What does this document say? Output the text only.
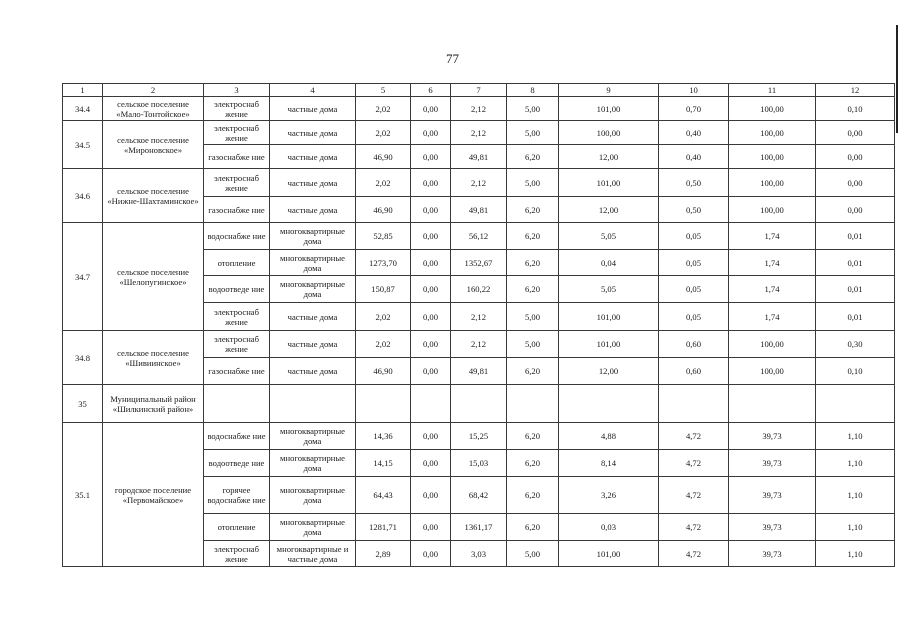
77
1	2	3	4	5	6	7	8	9	10	11	12
34.4	сельское поселение «Мало-Тонтойское»	электроснаб жение	частные дома	2,02	0,00	2,12	5,00	101,00	0,70	100,00	0,10
34.5	сельское поселение «Мироновское»	электроснаб жение	частные дома	2,02	0,00	2,12	5,00	100,00	0,40	100,00	0,00
		газоснабже ние	частные дома	46,90	0,00	49,81	6,20	12,00	0,40	100,00	0,00
34.6	сельское поселение «Нижне-Шахтаминское»	электроснаб жение	частные дома	2,02	0,00	2,12	5,00	101,00	0,50	100,00	0,00
		газоснабже ние	частные дома	46,90	0,00	49,81	6,20	12,00	0,50	100,00	0,00
34.7	сельское поселение «Шелопугинское»	водоснабже ние	многоквартирные дома	52,85	0,00	56,12	6,20	5,05	0,05	1,74	0,01
		отопление	многоквартирные дома	1273,70	0,00	1352,67	6,20	0,04	0,05	1,74	0,01
		водоотведе ние	многоквартирные дома	150,87	0,00	160,22	6,20	5,05	0,05	1,74	0,01
		электроснаб жение	частные дома	2,02	0,00	2,12	5,00	101,00	0,05	1,74	0,01
34.8	сельское поселение «Шивиинское»	электроснаб жение	частные дома	2,02	0,00	2,12	5,00	101,00	0,60	100,00	0,30
		газоснабже ние	частные дома	46,90	0,00	49,81	6,20	12,00	0,60	100,00	0,10
35	Муниципальный район «Шилкинский район»										
35.1	городское поселение «Первомайское»	водоснабже ние	многоквартирные дома	14,36	0,00	15,25	6,20	4,88	4,72	39,73	1,10
		водоотведе ние	многоквартирные дома	14,15	0,00	15,03	6,20	8,14	4,72	39,73	1,10
		горячее водоснабже ние	многоквартирные дома	64,43	0,00	68,42	6,20	3,26	4,72	39,73	1,10
		отопление	многоквартирные дома	1281,71	0,00	1361,17	6,20	0,03	4,72	39,73	1,10
		электроснаб жение	многоквартирные и частные дома	2,89	0,00	3,03	5,00	101,00	4,72	39,73	1,10
